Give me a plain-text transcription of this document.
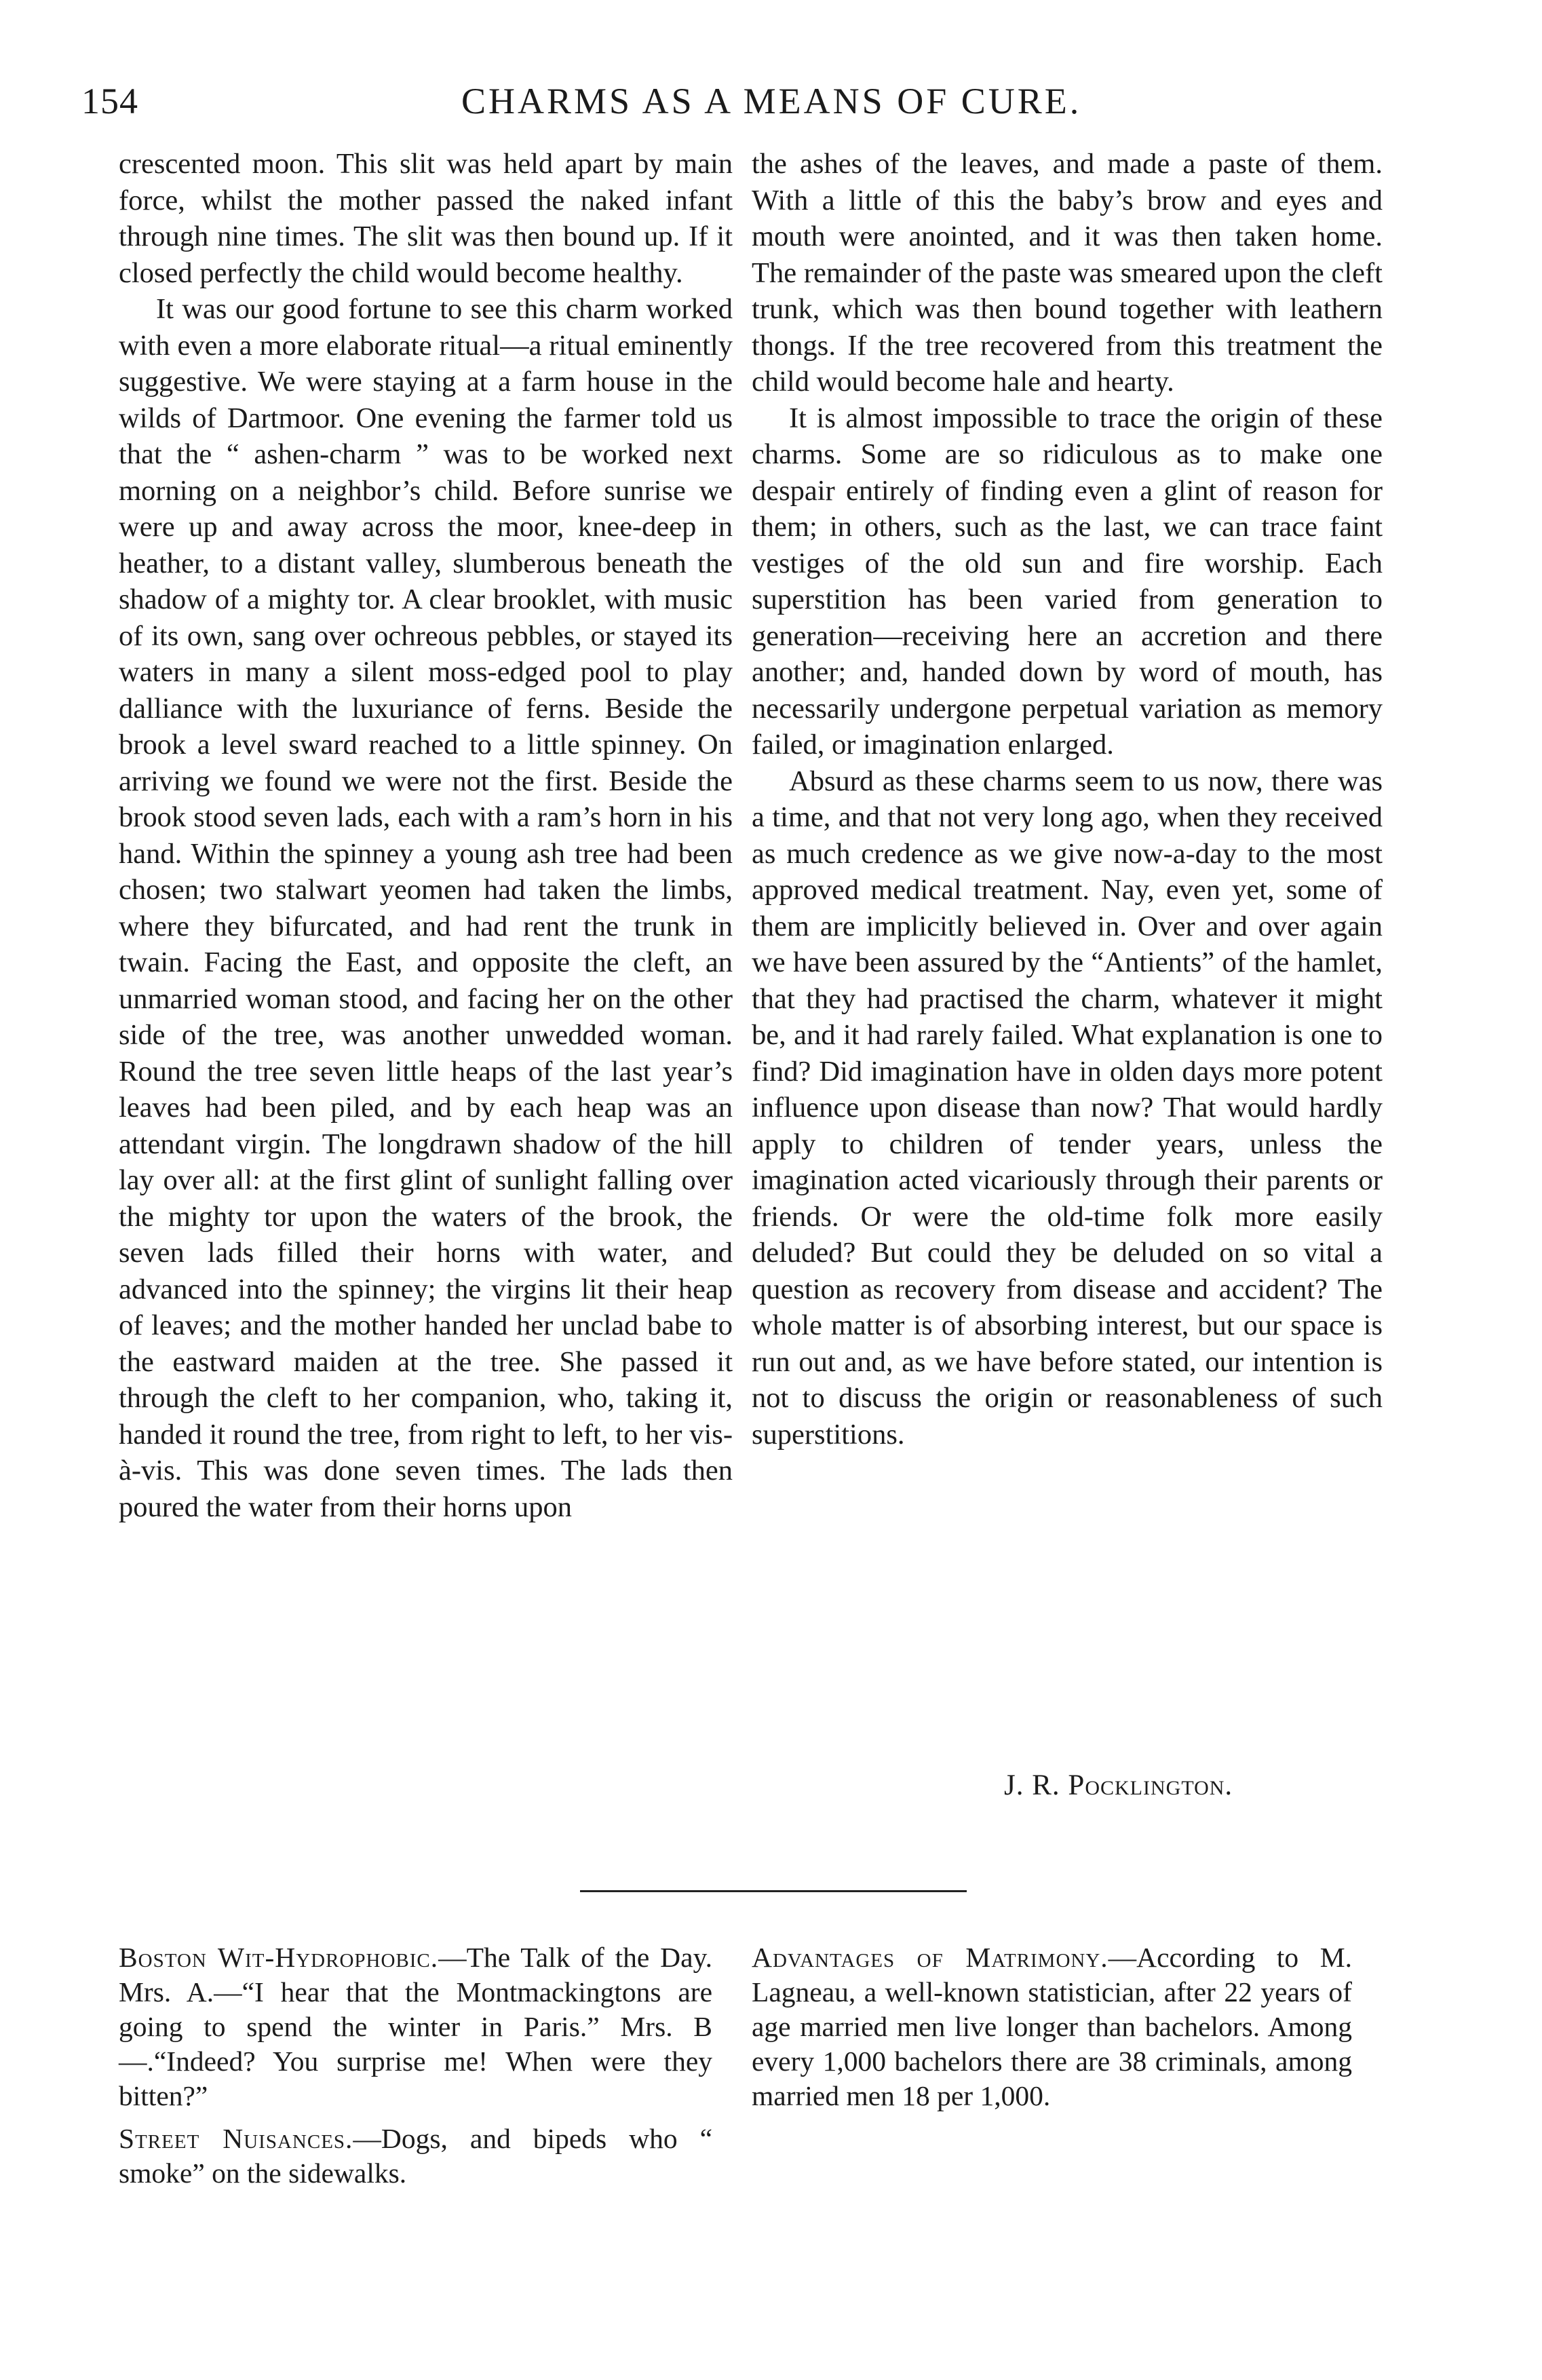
154	CHARMS AS A MEANS OF CURE.

crescented moon. This slit was held apart by main force, whilst the mother passed the naked infant through nine times. The slit was then bound up. If it closed perfectly the child would become healthy.

It was our good fortune to see this charm worked with even a more elaborate ritual—a ritual eminently suggestive. We were staying at a farm house in the wilds of Dartmoor. One evening the farmer told us that the “ ashen-charm ” was to be worked next morning on a neighbor’s child. Before sunrise we were up and away across the moor, knee-deep in heather, to a distant valley, slumberous beneath the shadow of a mighty tor. A clear brooklet, with music of its own, sang over ochreous pebbles, or stayed its waters in many a silent moss-edged pool to play dalliance with the luxuriance of ferns. Beside the brook a level sward reached to a little spinney. On arriving we found we were not the first. Beside the brook stood seven lads, each with a ram’s horn in his hand. Within the spinney a young ash tree had been chosen; two stalwart yeomen had taken the limbs, where they bifurcated, and had rent the trunk in twain. Facing the East, and opposite the cleft, an unmarried woman stood, and facing her on the other side of the tree, was another unwedded woman. Round the tree seven little heaps of the last year’s leaves had been piled, and by each heap was an attendant virgin. The longdrawn shadow of the hill lay over all: at the first glint of sunlight falling over the mighty tor upon the waters of the brook, the seven lads filled their horns with water, and advanced into the spinney; the virgins lit their heap of leaves; and the mother handed her unclad babe to the eastward maiden at the tree. She passed it through the cleft to her companion, who, taking it, handed it round the tree, from right to left, to her vis-à-vis. This was done seven times. The lads then poured the water from their horns upon

the ashes of the leaves, and made a paste of them. With a little of this the baby’s brow and eyes and mouth were anointed, and it was then taken home. The remainder of the paste was smeared upon the cleft trunk, which was then bound together with leathern thongs. If the tree recovered from this treatment the child would become hale and hearty.

It is almost impossible to trace the origin of these charms. Some are so ridiculous as to make one despair entirely of finding even a glint of reason for them; in others, such as the last, we can trace faint vestiges of the old sun and fire worship. Each superstition has been varied from generation to generation—receiving here an accretion and there another; and, handed down by word of mouth, has necessarily undergone perpetual variation as memory failed, or imagination enlarged.

Absurd as these charms seem to us now, there was a time, and that not very long ago, when they received as much credence as we give now-a-day to the most approved medical treatment. Nay, even yet, some of them are implicitly believed in. Over and over again we have been assured by the “Antients” of the hamlet, that they had practised the charm, whatever it might be, and it had rarely failed. What explanation is one to find? Did imagination have in olden days more potent influence upon disease than now? That would hardly apply to children of tender years, unless the imagination acted vicariously through their parents or friends. Or were the old-time folk more easily deluded? But could they be deluded on so vital a question as recovery from disease and accident? The whole matter is of absorbing interest, but our space is run out and, as we have before stated, our intention is not to discuss the origin or reasonableness of such superstitions.

J. R. Pocklington.

Boston Wit-Hydrophobic.—The Talk of the Day. Mrs. A.—“I hear that the Montmackingtons are going to spend the winter in Paris.” Mrs. B—.“Indeed? You surprise me! When were they bitten?”

Street Nuisances.—Dogs, and bipeds who “ smoke” on the sidewalks.

Advantages of Matrimony.—According to M. Lagneau, a well-known statistician, after 22 years of age married men live longer than bachelors. Among every 1,000 bachelors there are 38 criminals, among married men 18 per 1,000.
